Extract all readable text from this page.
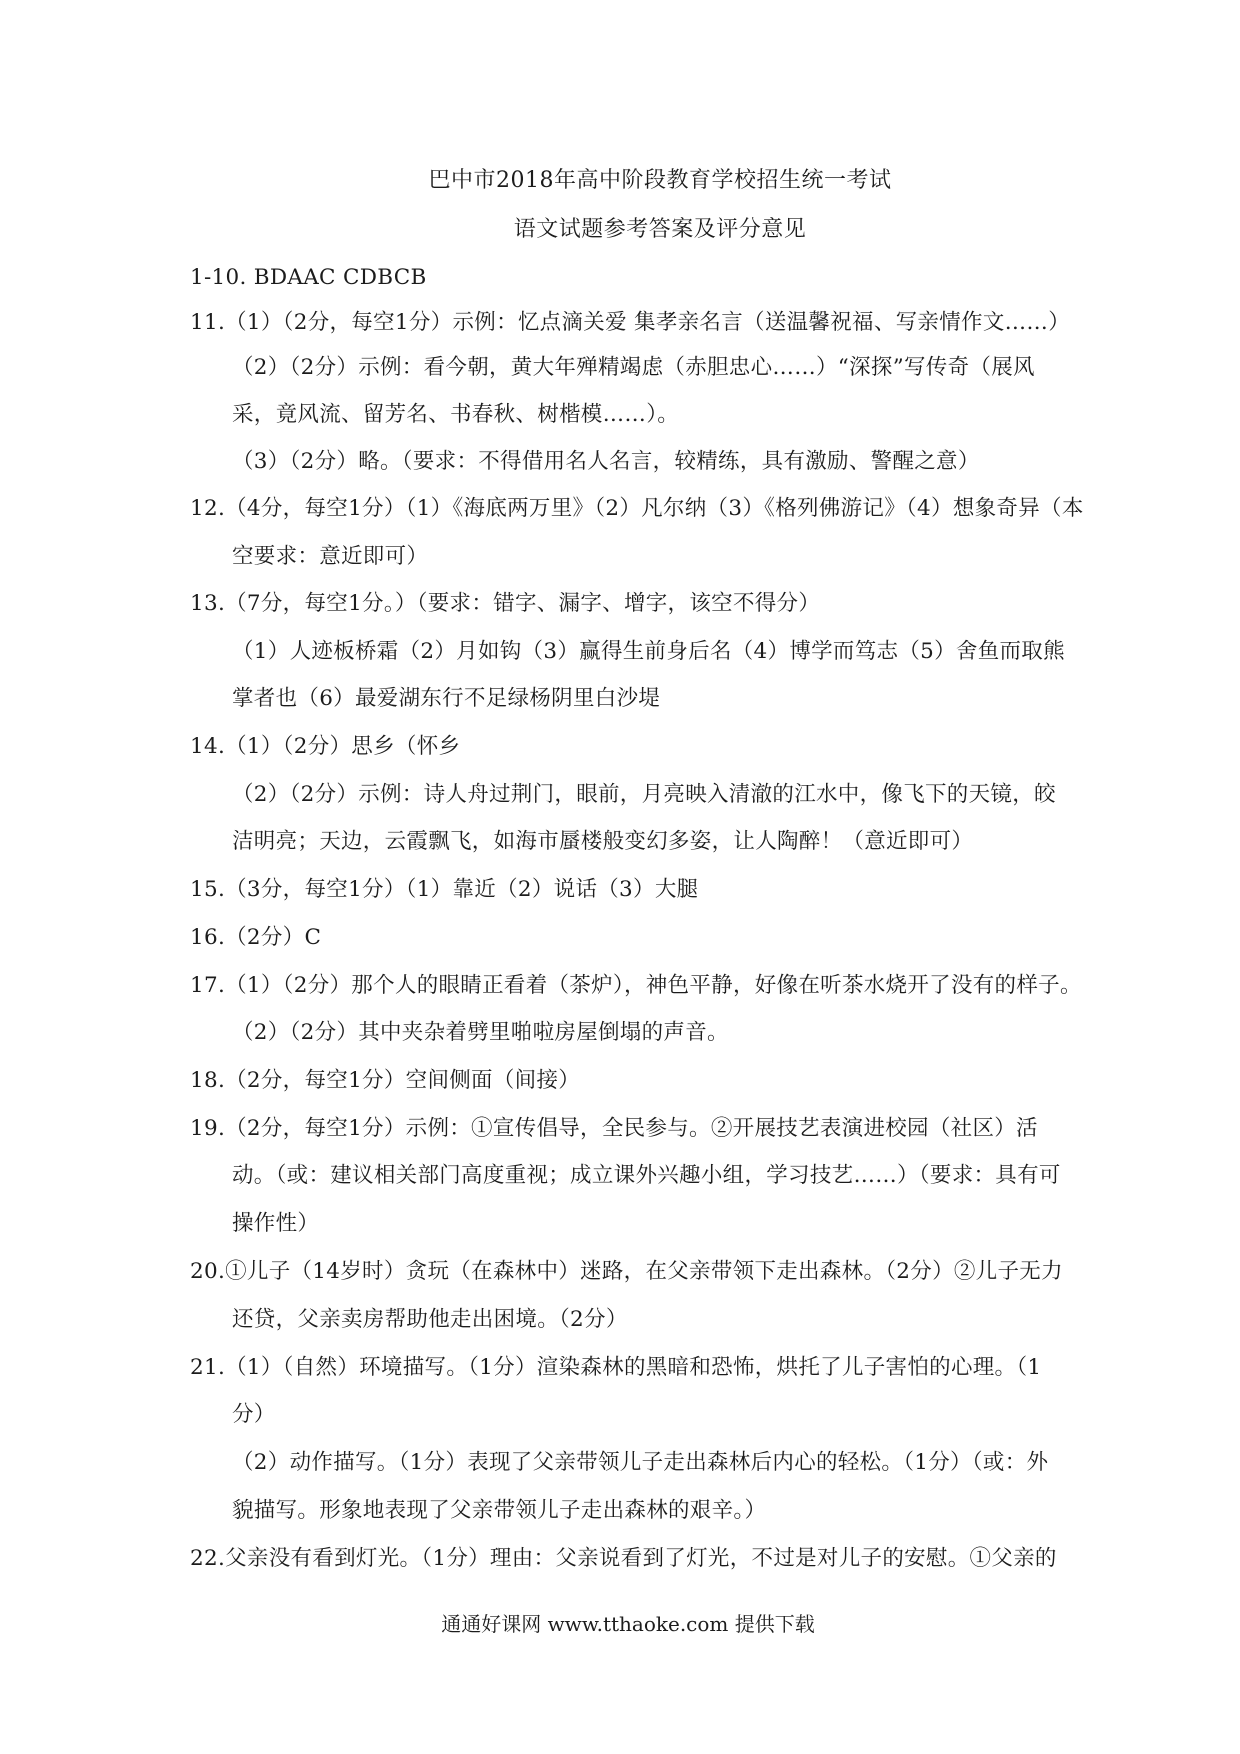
巴中市2018年高中阶段教育学校招生统一考试
语文试题参考答案及评分意见
1-10. BDAAC CDBCB
11.（1）（2分，每空1分）示例：忆点滴关爱 集孝亲名言（送温馨祝福、写亲情作文……）
（2）（2分）示例：看今朝，黄大年殚精竭虑（赤胆忠心……）“深探”写传奇（展风
采，竟风流、留芳名、书春秋、树楷模……）。
（3）（2分）略。（要求：不得借用名人名言，较精练，具有激励、警醒之意）
12.（4分，每空1分）（1）《海底两万里》（2）凡尔纳（3）《格列佛游记》（4）想象奇异（本
空要求：意近即可）
13.（7分，每空1分。）（要求：错字、漏字、增字，该空不得分）
（1）人迹板桥霜（2）月如钩（3）赢得生前身后名（4）博学而笃志（5）舍鱼而取熊
掌者也（6）最爱湖东行不足绿杨阴里白沙堤
14.（1）（2分）思乡（怀乡
（2）（2分）示例：诗人舟过荆门，眼前，月亮映入清澈的江水中，像飞下的天镜，皎
洁明亮；天边，云霞飘飞，如海市蜃楼般变幻多姿，让人陶醉！（意近即可）
15.（3分，每空1分）（1）靠近（2）说话（3）大腿
16.（2分）C
17.（1）（2分）那个人的眼睛正看着（茶炉），神色平静，好像在听茶水烧开了没有的样子。
（2）（2分）其中夹杂着劈里啪啦房屋倒塌的声音。
18.（2分，每空1分）空间侧面（间接）
19.（2分，每空1分）示例：①宣传倡导，全民参与。②开展技艺表演进校园（社区）活
动。（或：建议相关部门高度重视；成立课外兴趣小组，学习技艺……）（要求：具有可
操作性）
20.①儿子（14岁时）贪玩（在森林中）迷路，在父亲带领下走出森林。（2分）②儿子无力
还贷，父亲卖房帮助他走出困境。（2分）
21.（1）（自然）环境描写。（1分）渲染森林的黑暗和恐怖，烘托了儿子害怕的心理。（1
分）
（2）动作描写。（1分）表现了父亲带领儿子走出森林后内心的轻松。（1分）（或：外
貌描写。形象地表现了父亲带领儿子走出森林的艰辛。）
22.父亲没有看到灯光。（1分）理由：父亲说看到了灯光，不过是对儿子的安慰。①父亲的
通通好课网 www.tthaoke.com 提供下载
